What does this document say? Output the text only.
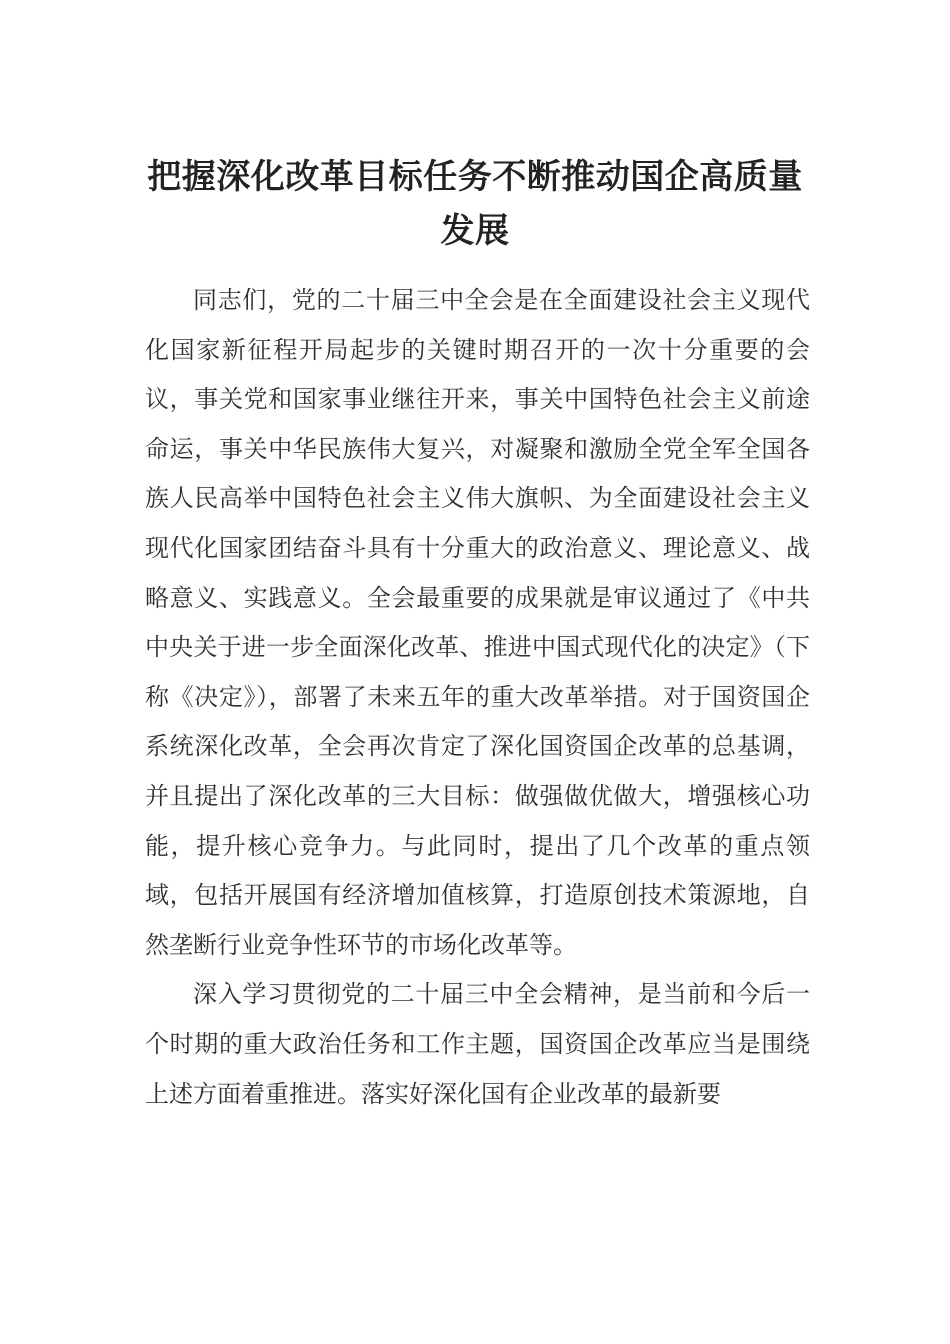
把握深化改革目标任务不断推动国企高质量发展

同志们，党的二十届三中全会是在全面建设社会主义现代化国家新征程开局起步的关键时期召开的一次十分重要的会议，事关党和国家事业继往开来，事关中国特色社会主义前途命运，事关中华民族伟大复兴，对凝聚和激励全党全军全国各族人民高举中国特色社会主义伟大旗帜、为全面建设社会主义现代化国家团结奋斗具有十分重大的政治意义、理论意义、战略意义、实践意义。全会最重要的成果就是审议通过了《中共中央关于进一步全面深化改革、推进中国式现代化的决定》（下称《决定》），部署了未来五年的重大改革举措。对于国资国企系统深化改革，全会再次肯定了深化国资国企改革的总基调，并且提出了深化改革的三大目标：做强做优做大，增强核心功能，提升核心竞争力。与此同时，提出了几个改革的重点领域，包括开展国有经济增加值核算，打造原创技术策源地，自然垄断行业竞争性环节的市场化改革等。

深入学习贯彻党的二十届三中全会精神，是当前和今后一个时期的重大政治任务和工作主题，国资国企改革应当是围绕上述方面着重推进。落实好深化国有企业改革的最新要
